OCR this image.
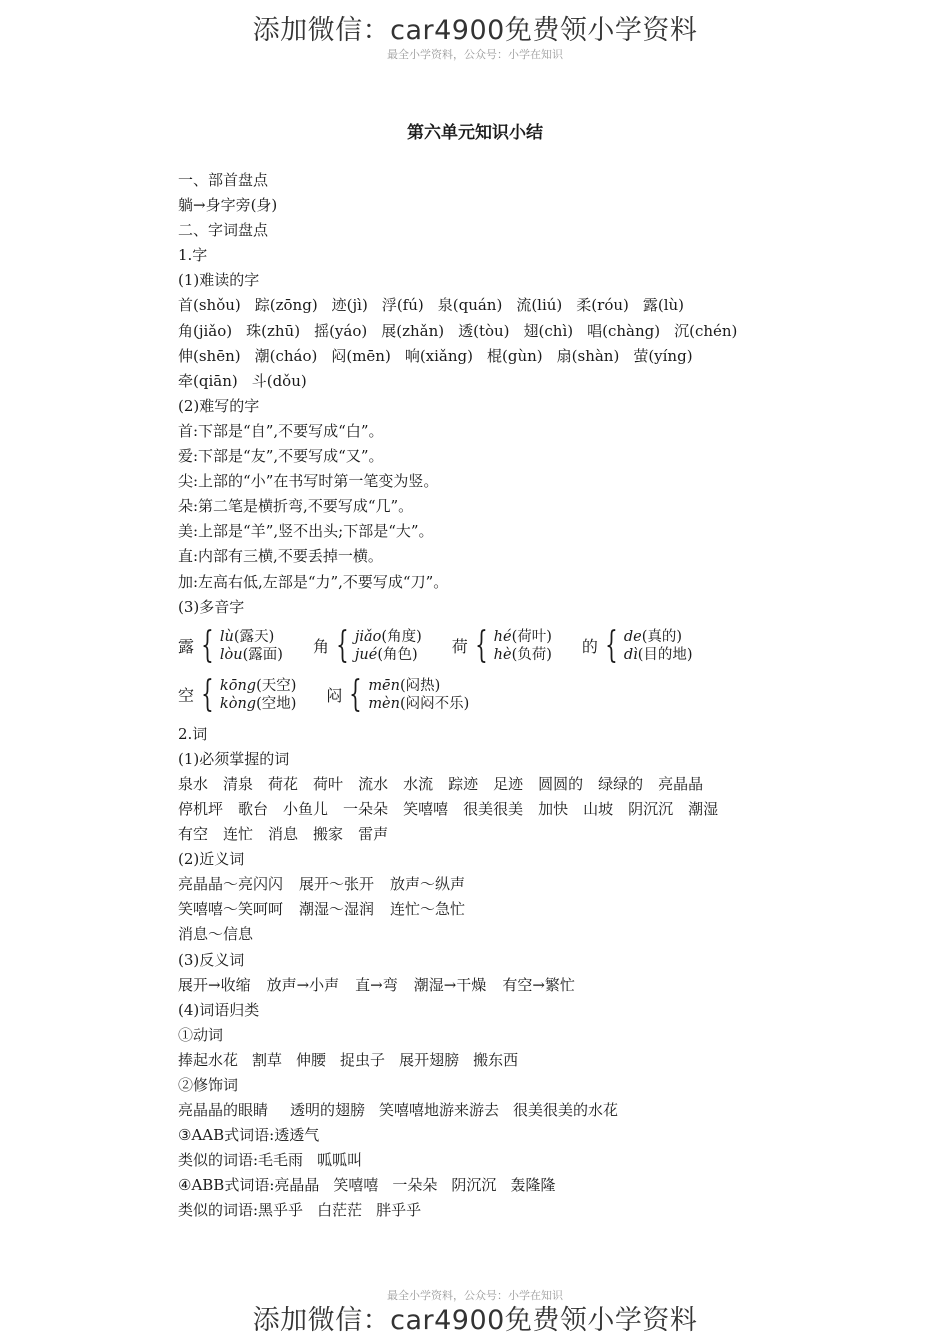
添加微信：car4900免费领小学资料
最全小学资料，公众号：小学在知识
第六单元知识小结
一、部首盘点
躺→身字旁(身)
二、字词盘点
1.字
(1)难读的字
首(shǒu) 踪(zōng) 迹(jì) 浮(fú) 泉(quán) 流(liú) 柔(róu) 露(lù)
角(jiǎo) 珠(zhū) 摇(yáo) 展(zhǎn) 透(tòu) 翅(chì) 唱(chàng) 沉(chén)
伸(shēn) 潮(cháo) 闷(mēn) 响(xiǎng) 棍(gùn) 扇(shàn) 萤(yíng)
牵(qiān) 斗(dǒu)
(2)难写的字
首:下部是“自”,不要写成“白”。
爱:下部是“友”,不要写成“又”。
尖:上部的“小”在书写时第一笔变为竖。
朵:第二笔是横折弯,不要写成“几”。
美:上部是“羊”,竖不出头;下部是“大”。
直:内部有三横,不要丢掉一横。
加:左高右低,左部是“力”,不要写成“刀”。
(3)多音字
露 { lù(露天)
lòu(露面) 角 { jiǎo(角度)
jué(角色) 荷 { hé(荷叶)
hè(负荷) 的 { de(真的)
dì(目的地)
空 { kōng(天空)
kòng(空地) 闷 { mēn(闷热)
mèn(闷闷不乐)
2.词
(1)必须掌握的词
泉水 清泉 荷花 荷叶 流水 水流 踪迹 足迹 圆圆的 绿绿的 亮晶晶
停机坪 歌台 小鱼儿 一朵朵 笑嘻嘻 很美很美 加快 山坡 阴沉沉 潮湿
有空 连忙 消息 搬家 雷声
(2)近义词
亮晶晶～亮闪闪 展开～张开 放声～纵声
笑嘻嘻～笑呵呵 潮湿～湿润 连忙～急忙
消息～信息
(3)反义词
展开→收缩 放声→小声 直→弯 潮湿→干燥 有空→繁忙
(4)词语归类
①动词
捧起水花 割草 伸腰 捉虫子 展开翅膀 搬东西
②修饰词
亮晶晶的眼睛 透明的翅膀 笑嘻嘻地游来游去 很美很美的水花
③AAB式词语:透透气
类似的词语:毛毛雨 呱呱叫
④ABB式词语:亮晶晶 笑嘻嘻 一朵朵 阴沉沉 轰隆隆
类似的词语:黑乎乎 白茫茫 胖乎乎
最全小学资料，公众号：小学在知识
添加微信：car4900免费领小学资料
